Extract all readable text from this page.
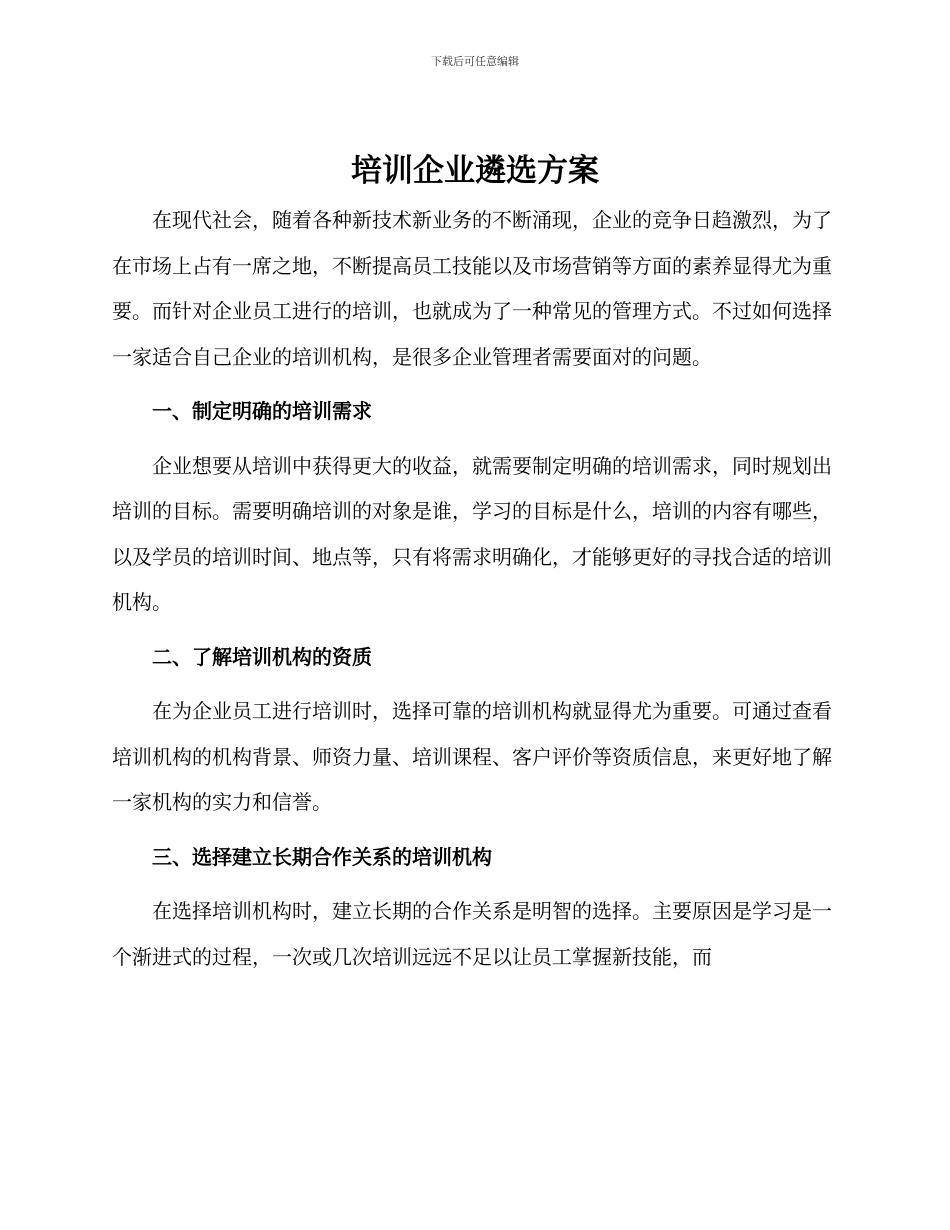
下载后可任意编辑
培训企业遴选方案

在现代社会，随着各种新技术新业务的不断涌现，企业的竞争日趋激烈，为了在市场上占有一席之地，不断提高员工技能以及市场营销等方面的素养显得尤为重要。而针对企业员工进行的培训，也就成为了一种常见的管理方式。不过如何选择一家适合自己企业的培训机构，是很多企业管理者需要面对的问题。

一、制定明确的培训需求

企业想要从培训中获得更大的收益，就需要制定明确的培训需求，同时规划出培训的目标。需要明确培训的对象是谁，学习的目标是什么，培训的内容有哪些，以及学员的培训时间、地点等，只有将需求明确化，才能够更好的寻找合适的培训机构。

二、了解培训机构的资质

在为企业员工进行培训时，选择可靠的培训机构就显得尤为重要。可通过查看培训机构的机构背景、师资力量、培训课程、客户评价等资质信息，来更好地了解一家机构的实力和信誉。

三、选择建立长期合作关系的培训机构

在选择培训机构时，建立长期的合作关系是明智的选择。主要原因是学习是一个渐进式的过程，一次或几次培训远远不足以让员工掌握新技能，而
